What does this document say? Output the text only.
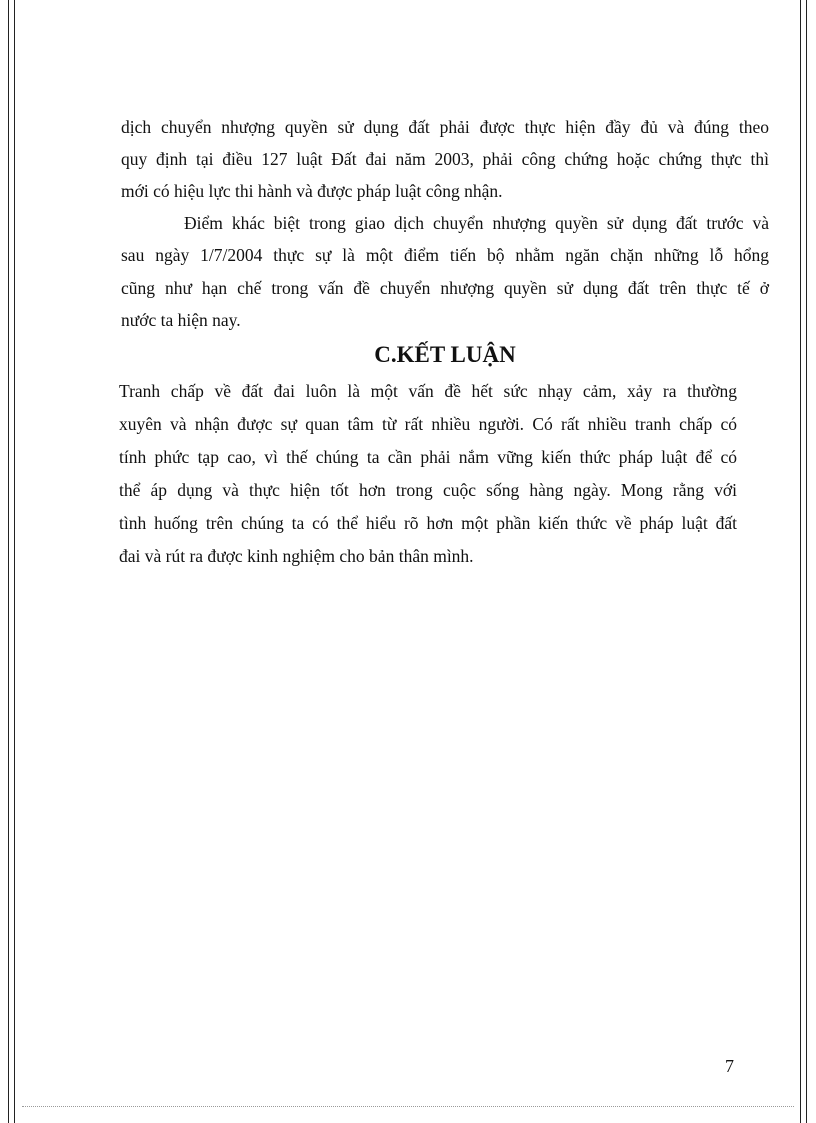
dịch chuyển nhượng quyền sử dụng đất phải được thực hiện đầy đủ và đúng theo
quy định tại điều 127 luật Đất đai năm 2003, phải công chứng hoặc chứng thực thì
mới có hiệu lực thi hành và được pháp luật công nhận.
Điểm khác biệt trong giao dịch chuyển nhượng quyền sử dụng đất trước và
sau ngày 1/7/2004 thực sự là một điểm tiến bộ nhằm ngăn chặn những lỗ hổng
cũng như hạn chế trong vấn đề chuyển nhượng quyền sử dụng đất trên thực tế ở
nước ta hiện nay.
C.KẾT LUẬN
Tranh chấp về đất đai luôn là một vấn đề hết sức nhạy cảm, xảy ra thường
xuyên và nhận được sự quan tâm từ rất nhiều người. Có rất nhiều tranh chấp có
tính phức tạp cao, vì thế chúng ta cần phải nắm vững kiến thức pháp luật để có
thể áp dụng và thực hiện tốt hơn trong cuộc sống hàng ngày. Mong rằng với
tình huống trên chúng ta có thể hiểu rõ hơn một phần kiến thức về pháp luật đất
đai và rút ra được kinh nghiệm cho bản thân mình.
7
